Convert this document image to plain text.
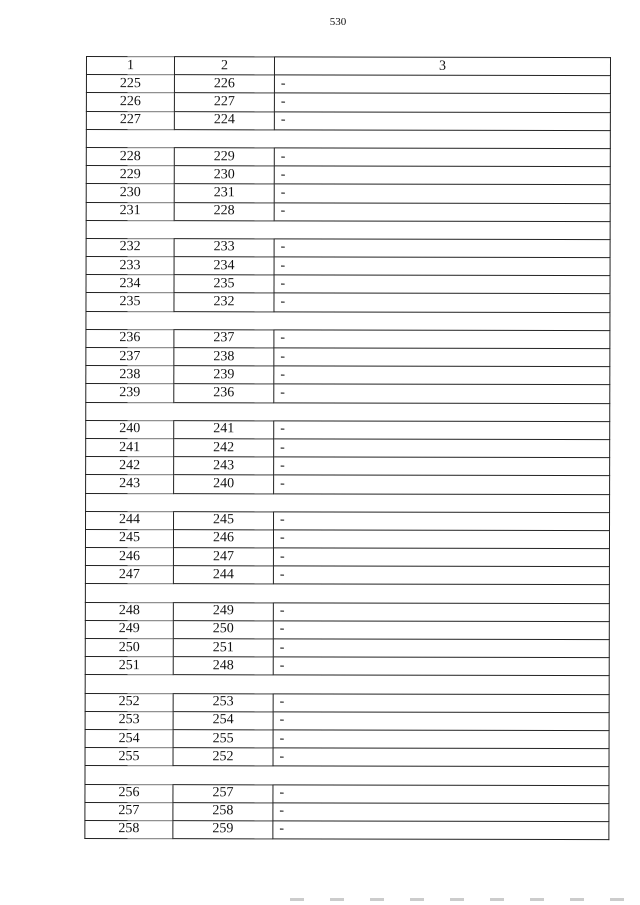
530
1	2	3
225	226	-
226	227	-
227	224	-

228	229	-
229	230	-
230	231	-
231	228	-

232	233	-
233	234	-
234	235	-
235	232	-

236	237	-
237	238	-
238	239	-
239	236	-

240	241	-
241	242	-
242	243	-
243	240	-

244	245	-
245	246	-
246	247	-
247	244	-

248	249	-
249	250	-
250	251	-
251	248	-

252	253	-
253	254	-
254	255	-
255	252	-

256	257	-
257	258	-
258	259	-
